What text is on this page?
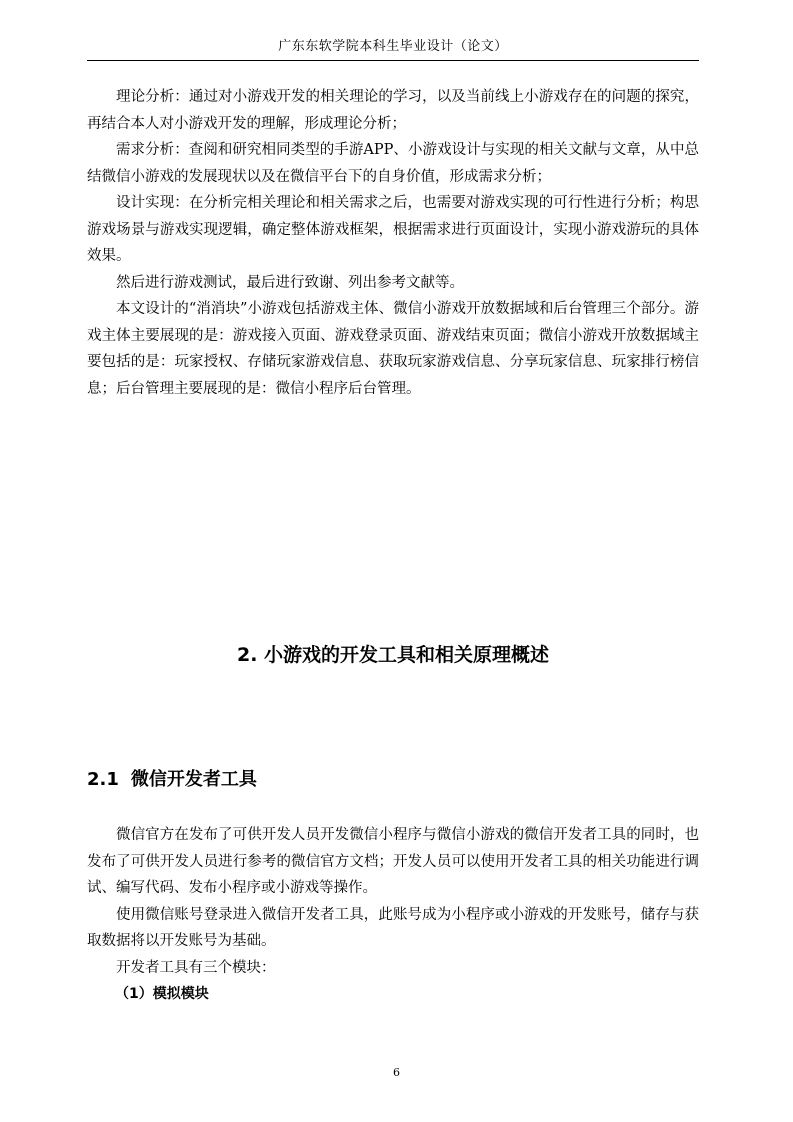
广东东软学院本科生毕业设计（论文）

理论分析：通过对小游戏开发的相关理论的学习，以及当前线上小游戏存在的问题的探究，再结合本人对小游戏开发的理解，形成理论分析；

需求分析：查阅和研究相同类型的手游APP、小游戏设计与实现的相关文献与文章，从中总结微信小游戏的发展现状以及在微信平台下的自身价值，形成需求分析；

设计实现：在分析完相关理论和相关需求之后，也需要对游戏实现的可行性进行分析；构思游戏场景与游戏实现逻辑，确定整体游戏框架，根据需求进行页面设计，实现小游戏游玩的具体效果。

然后进行游戏测试，最后进行致谢、列出参考文献等。

本文设计的“消消块”小游戏包括游戏主体、微信小游戏开放数据域和后台管理三个部分。游戏主体主要展现的是：游戏接入页面、游戏登录页面、游戏结束页面；微信小游戏开放数据域主要包括的是：玩家授权、存储玩家游戏信息、获取玩家游戏信息、分享玩家信息、玩家排行榜信息；后台管理主要展现的是：微信小程序后台管理。

2. 小游戏的开发工具和相关原理概述
2.1 微信开发者工具

微信官方在发布了可供开发人员开发微信小程序与微信小游戏的微信开发者工具的同时，也发布了可供开发人员进行参考的微信官方文档；开发人员可以使用开发者工具的相关功能进行调试、编写代码、发布小程序或小游戏等操作。

使用微信账号登录进入微信开发者工具，此账号成为小程序或小游戏的开发账号，储存与获取数据将以开发账号为基础。

开发者工具有三个模块：

（1）模拟模块

6
